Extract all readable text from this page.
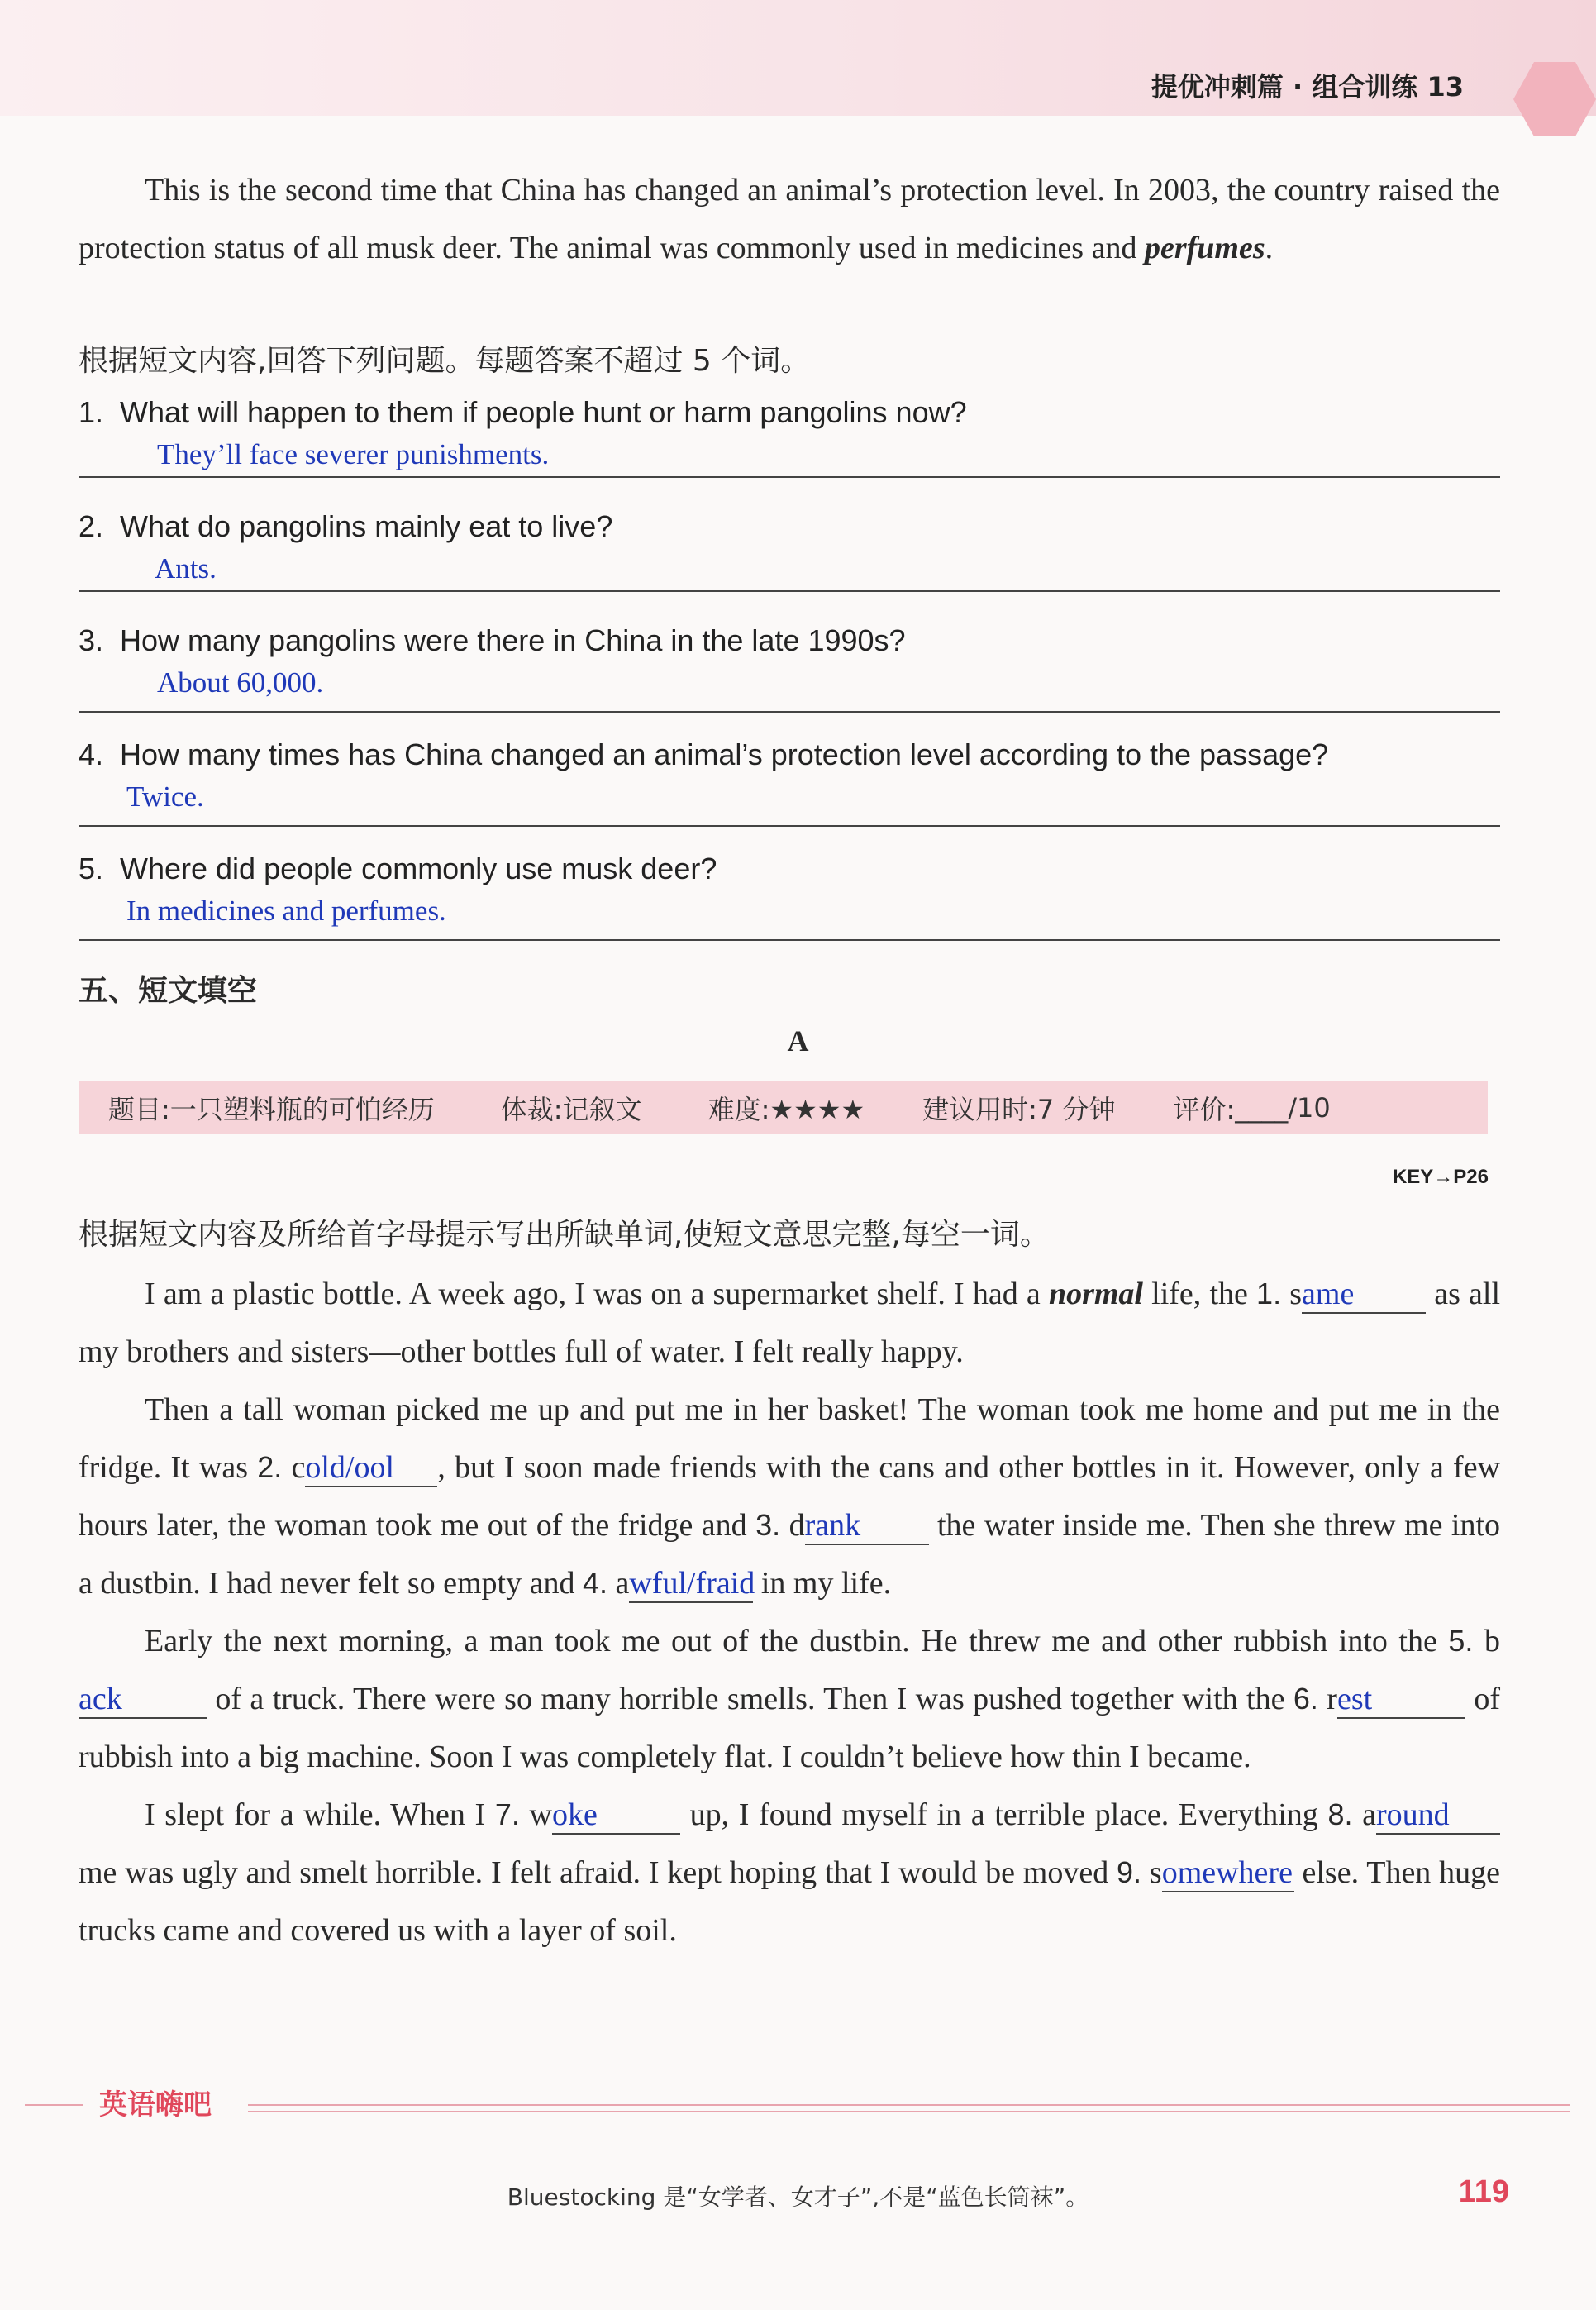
提优冲刺篇 · 组合训练 13

This is the second time that China has changed an animal’s protection level. In 2003, the country raised the protection status of all musk deer. The animal was commonly used in medicines and perfumes.

根据短文内容,回答下列问题。每题答案不超过 5 个词。
1. What will happen to them if people hunt or harm pangolins now?
They’ll face severer punishments.
2. What do pangolins mainly eat to live?
Ants.
3. How many pangolins were there in China in the late 1990s?
About 60,000.
4. How many times has China changed an animal’s protection level according to the passage?
Twice.
5. Where did people commonly use musk deer?
In medicines and perfumes.
五、短文填空
A
题目:一只塑料瓶的可怕经历	体裁:记叙文	难度:★★★★ 建议用时:7 分钟 评价: ____ /10
KEY→P26
根据短文内容及所给首字母提示写出所缺单词,使短文意思完整,每空一词。

I am a plastic bottle. A week ago, I was on a supermarket shelf. I had a normal life, the 1. same as all my brothers and sisters—other bottles full of water. I felt really happy.

Then a tall woman picked me up and put me in her basket! The woman took me home and put me in the fridge. It was 2. cold/ool , but I soon made friends with the cans and other bottles in it. However, only a few hours later, the woman took me out of the fridge and 3. drank the water inside me. Then she threw me into a dustbin. I had never felt so empty and 4. awful/fraid in my life.

Early the next morning, a man took me out of the dustbin. He threw me and other rubbish into the 5. back	of a truck. There were so many horrible smells. Then I was pushed together with the 6. rest	of rubbish into a big machine. Soon I was completely flat. I couldn’t believe how thin I became.

I slept for a while. When I 7. woke	up, I found myself in a terrible place. Everything 8. around me was ugly and smelt horrible. I felt afraid. I kept hoping that I would be moved 9. somewhere else. Then huge trucks came and covered us with a layer of soil.

英语嗨吧
Bluestocking 是“女学者、女才子”,不是“蓝色长筒袜”。	119
